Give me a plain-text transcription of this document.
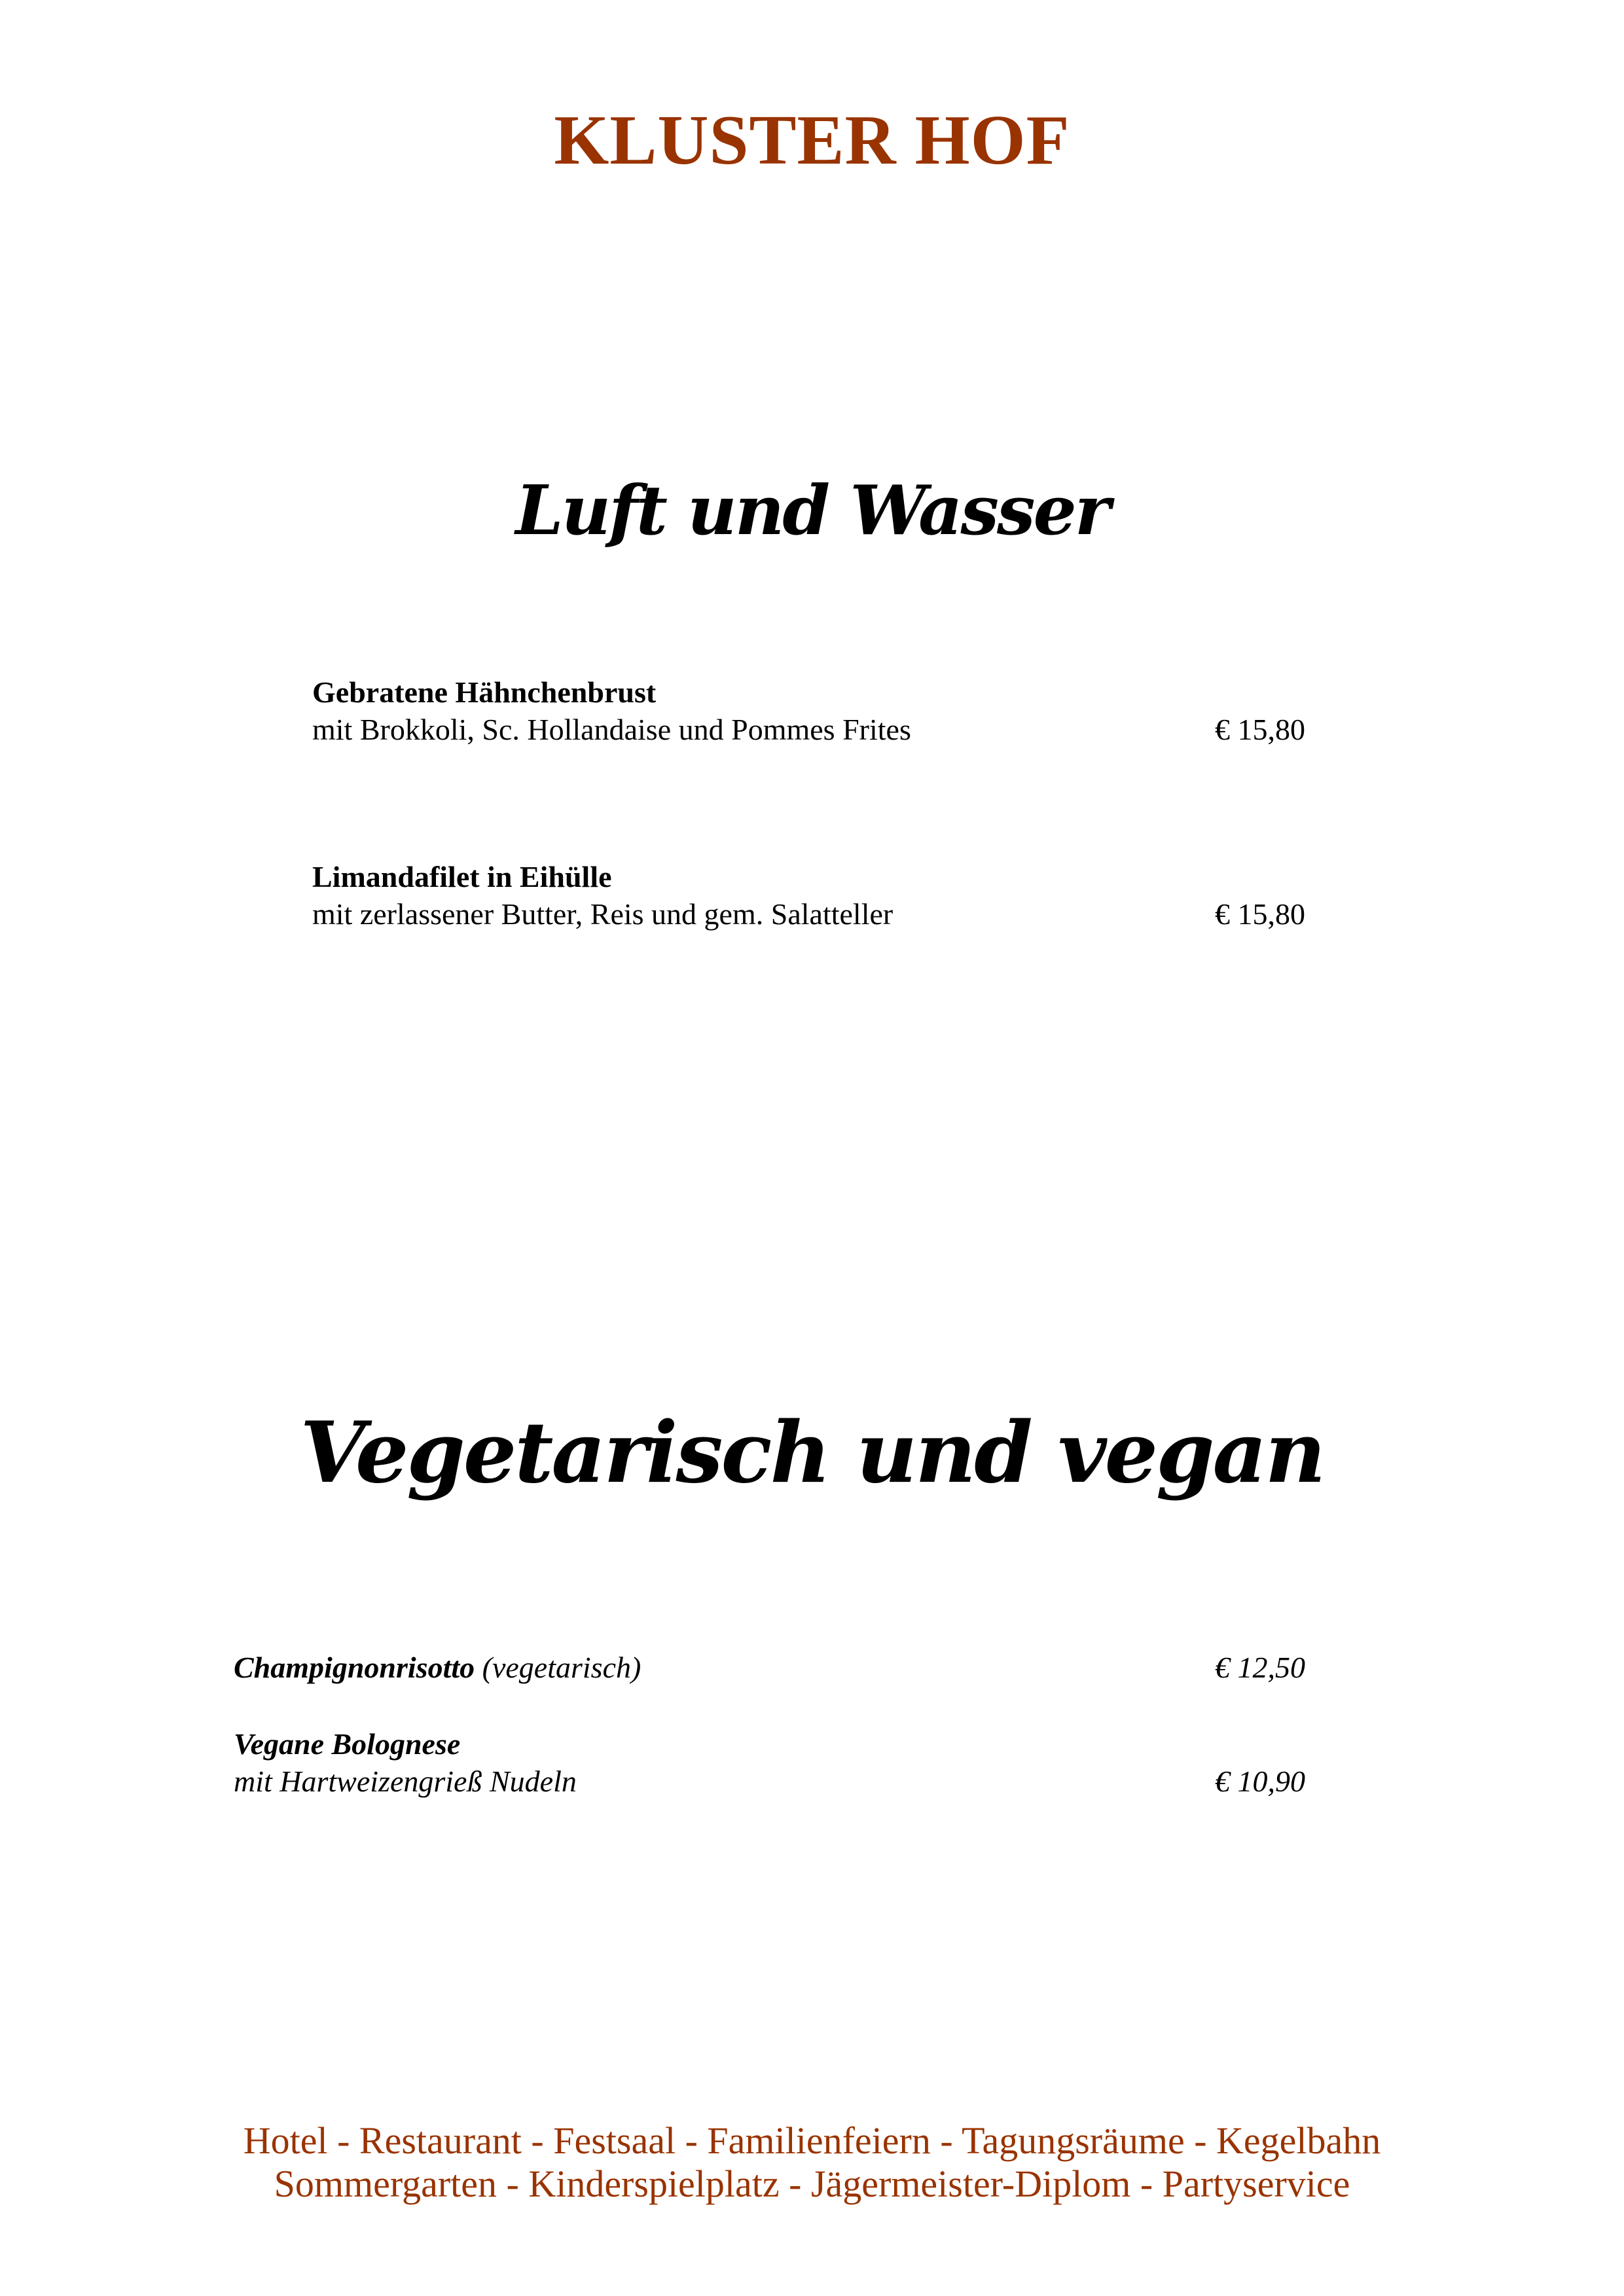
KLUSTER HOF
Luft und Wasser
Gebratene Hähnchenbrust
mit Brokkoli, Sc. Hollandaise und Pommes Frites	€ 15,80
Limandafilet in Eihülle
mit zerlassener Butter, Reis und gem. Salatteller	€ 15,80
Vegetarisch und vegan
Champignonrisotto (vegetarisch)	€ 12,50
Vegane Bolognese
mit Hartweizengrieß Nudeln	€ 10,90
Hotel - Restaurant - Festsaal - Familienfeiern - Tagungsräume - Kegelbahn
Sommergarten - Kinderspielplatz - Jägermeister-Diplom - Partyservice
